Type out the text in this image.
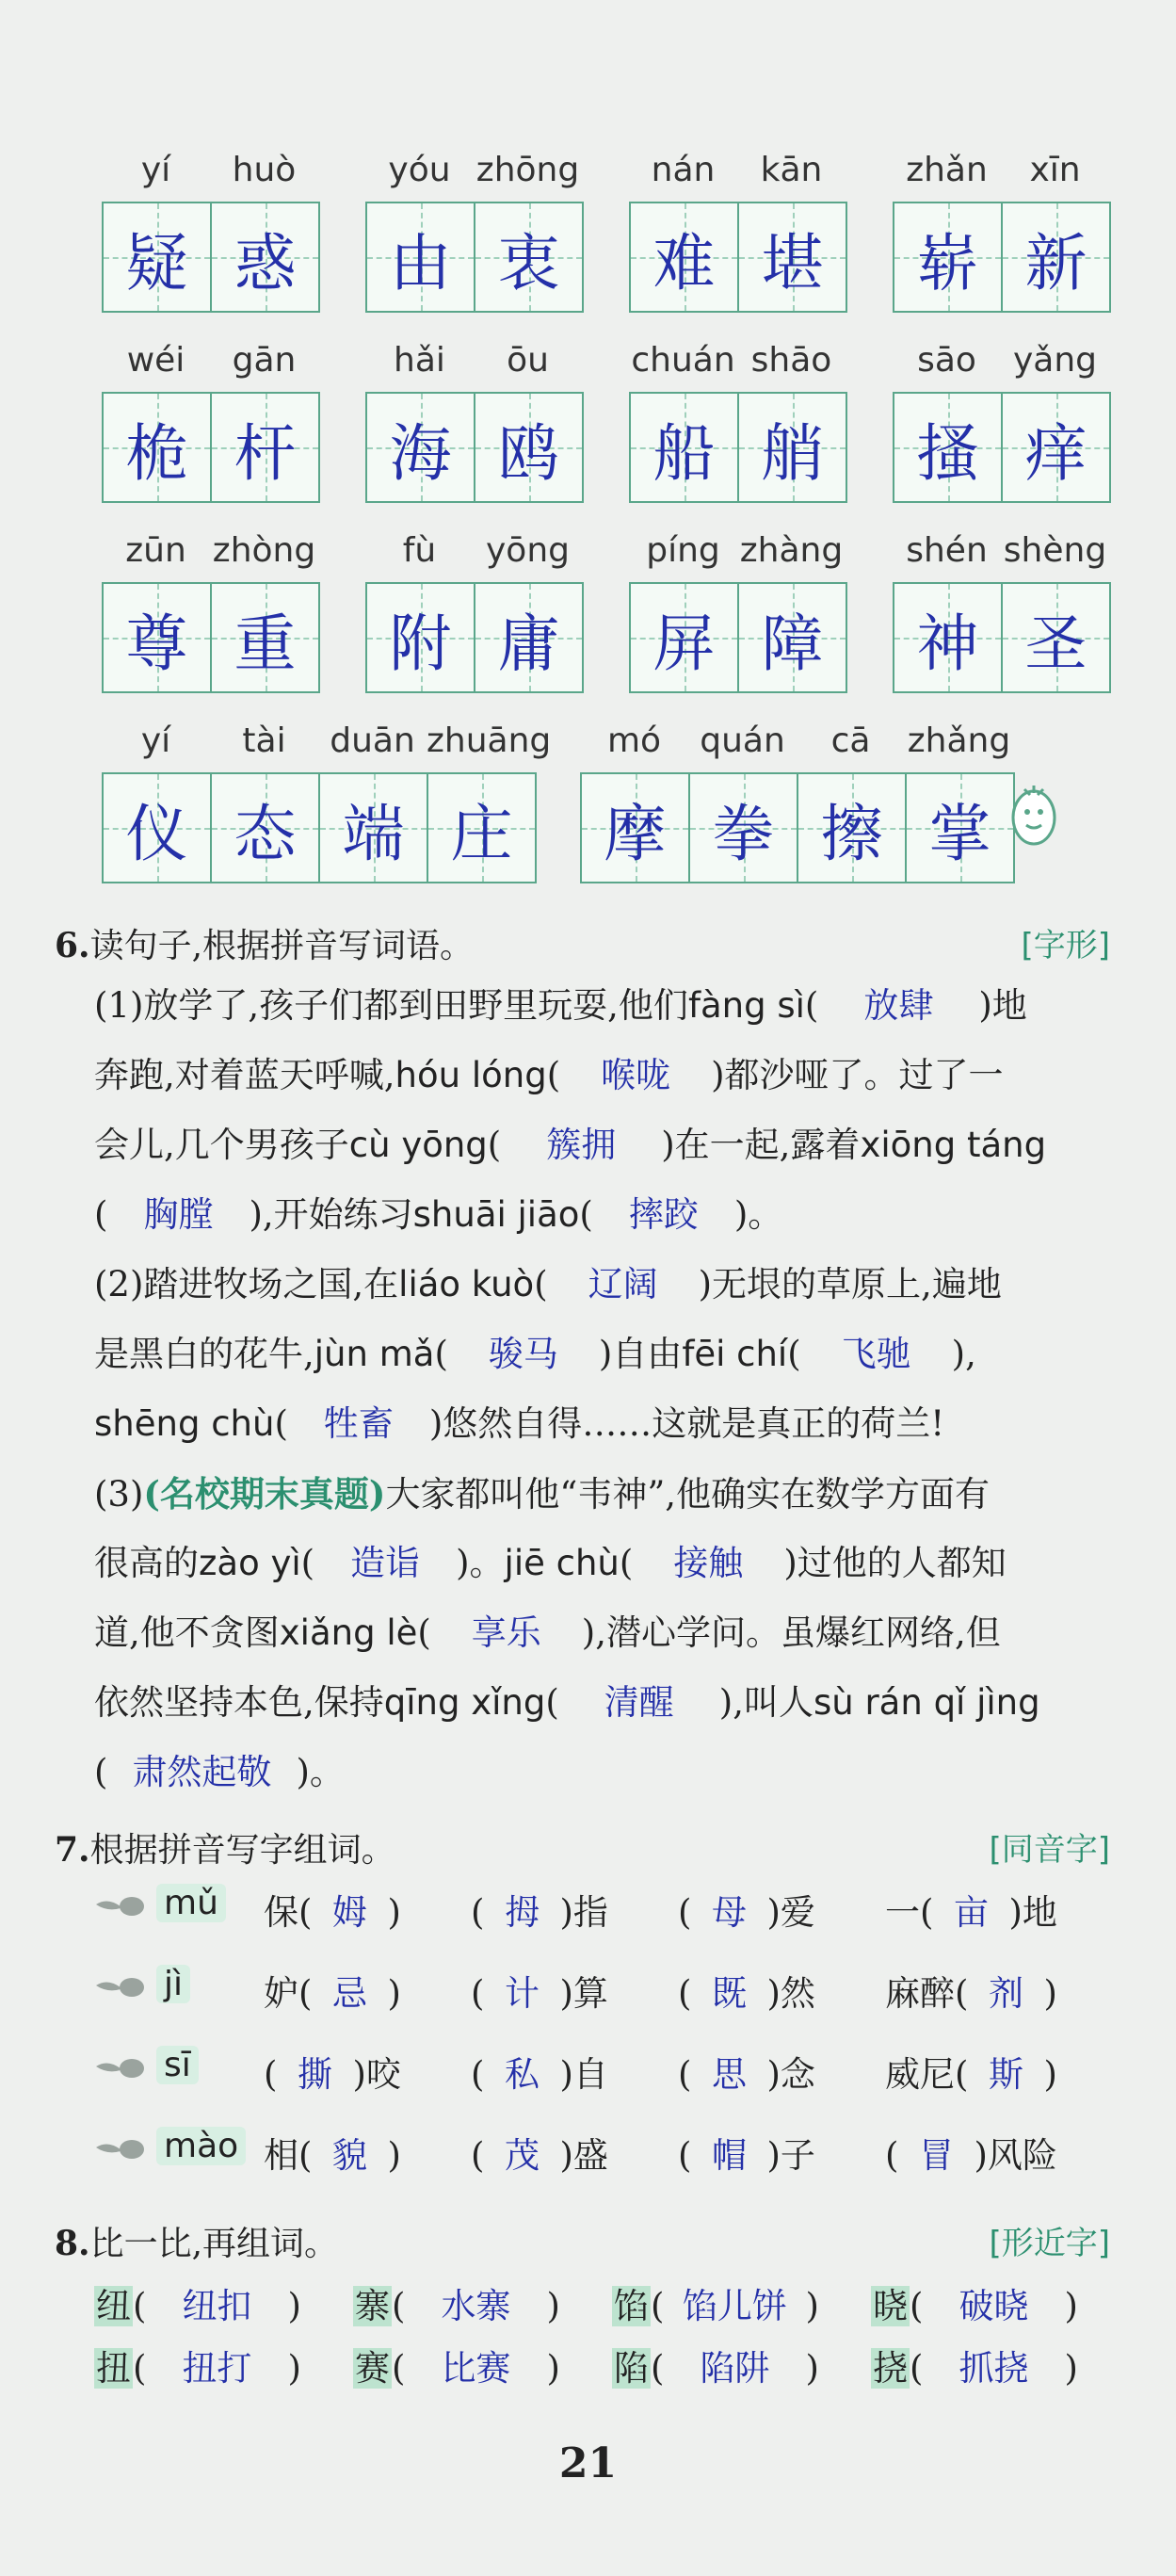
yí	huò
疑 惑
yóu zhōng
由 衷
nán	kān
难 堪
zhǎn	xīn
崭 新
wéi	gān
桅 杆
hǎi	ōu
海 鸥
chuán shāo
船 艄
sāo	yǎng
搔 痒
zūn zhòng
尊 重
fù	yōng
附 庸
píng zhàng
屏 障
shén shèng
神 圣
yí	tài	duān zhuāng
仪 态 端 庄
mó	quán	cā	zhǎng
摩 拳 擦 掌
6.读句子,根据拼音写词语。	[字形]
(1)放学了,孩子们都到田野里玩耍,他们fàng sì( 放肆 )地
奔跑,对着蓝天呼喊,hóu lóng( 喉咙 )都沙哑了。过了一
会儿,几个男孩子cù yōng( 簇拥 )在一起,露着xiōng táng
( 胸膛 ),开始练习shuāi jiāo( 摔跤 )。
(2)踏进牧场之国,在liáo kuò( 辽阔 )无垠的草原上,遍地
是黑白的花牛,jùn mǎ( 骏马 )自由fēi chí( 飞驰 ),
shēng chù( 牲畜 )悠然自得……这就是真正的荷兰!
(3)(名校期末真题)大家都叫他“韦神”,他确实在数学方面有
很高的zào yì( 造诣 )。jiē chù( 接触 )过他的人都知
道,他不贪图xiǎng lè( 享乐 ),潜心学问。虽爆红网络,但
依然坚持本色,保持qīng xǐng( 清醒 ),叫人sù rán qǐ jìng
( 肃然起敬 )。
7.根据拼音写字组词。	[同音字]
mǔ 保( 姆 ) ( 拇 )指 ( 母 )爱 一( 亩 )地
jì 妒( 忌 ) ( 计 )算 ( 既 )然 麻醉( 剂 )
sī ( 撕 )咬 ( 私 )自 ( 思 )念 威尼( 斯 )
mào 相( 貌 ) ( 茂 )盛 ( 帽 )子 ( 冒 )风险
8.比一比,再组词。	[形近字]
纽( 纽扣 ) 寨( 水寨 ) 馅( 馅儿饼 ) 晓( 破晓 )
扭( 扭打 ) 赛( 比赛 ) 陷( 陷阱 ) 挠( 抓挠 )
21
